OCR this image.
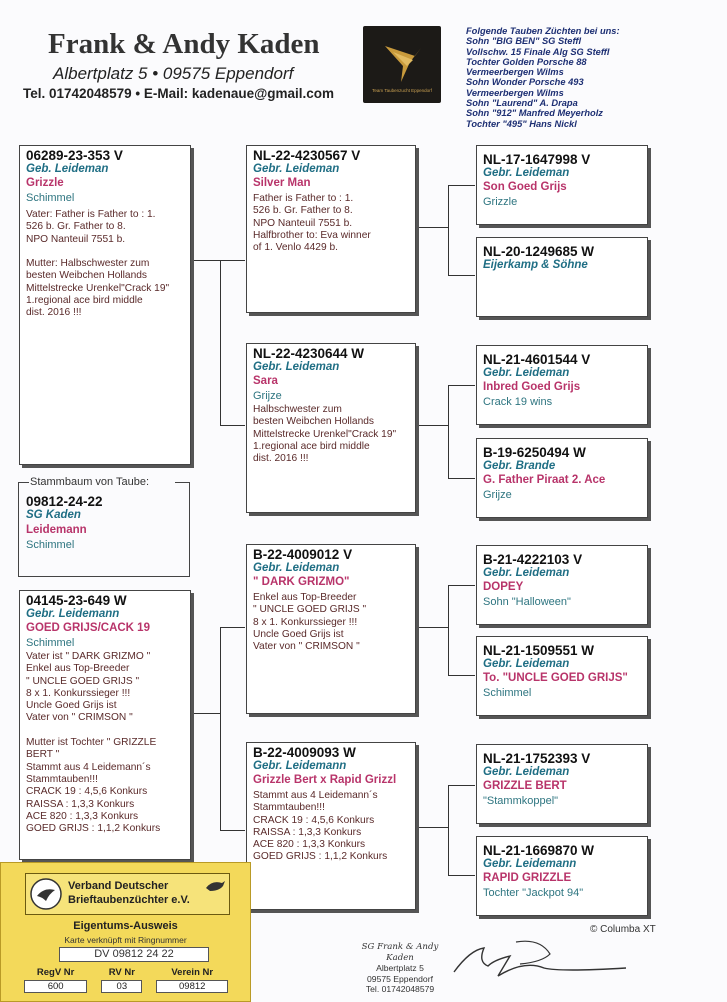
Frank & Andy Kaden
Albertplatz 5 • 09575 Eppendorf
Tel. 01742048579 • E-Mail: kadenaue@gmail.com	Team Taubenzucht Eppendorf
Folgende Tauben Züchten bei uns:
Sohn "BIG BEN" SG Steffl
Vollschw. 15 Finale Alg SG Steffl
Tochter Golden Porsche 88
Vermeerbergen Wilms
Sohn Wonder Porsche 493
Vermeerbergen Wilms
Sohn "Laurend" A. Drapa
Sohn "912" Manfred Meyerholz
Tochter "495" Hans Nickl
06289-23-353 V
Geb. Leideman
Grizzle
Schimmel
Vater: Father is Father to : 1.
526 b. Gr. Father to 8.
NPO Nanteuil 7551 b.

Mutter: Halbschwester zum
besten Weibchen Hollands
Mittelstrecke Urenkel"Crack 19"
1.regional ace bird middle
dist. 2016 !!!
Stammbaum von Taube:
09812-24-22
SG Kaden
Leidemann
Schimmel
04145-23-649 W
Gebr. Leidemann
GOED GRIJS/CACK 19
Schimmel
Vater ist " DARK GRIZMO "
Enkel aus Top-Breeder
" UNCLE GOED GRIJS "
8 x 1. Konkurssieger !!!
Uncle Goed Grijs ist
Vater von " CRIMSON "

Mutter ist Tochter " GRIZZLE
BERT "
Stammt aus 4 Leidemann´s
Stammtauben!!!
CRACK 19 : 4,5,6 Konkurs
RAISSA : 1,3,3 Konkurs
ACE 820 : 1,3,3 Konkurs
GOED GRIJS : 1,1,2 Konkurs
NL-22-4230567 V
Gebr. Leideman
Silver Man
Father is Father to : 1.
526 b. Gr. Father to 8.
NPO Nanteuil 7551 b.
Halfbrother to: Eva winner
of 1. Venlo 4429 b.
NL-22-4230644 W
Gebr. Leideman
Sara
Grijze
Halbschwester zum
besten Weibchen Hollands
Mittelstrecke Urenkel"Crack 19"
1.regional ace bird middle
dist. 2016 !!!
B-22-4009012 V
Gebr. Leideman
" DARK GRIZMO"
Enkel aus Top-Breeder
" UNCLE GOED GRIJS "
8 x 1. Konkurssieger !!!
Uncle Goed Grijs ist
Vater von " CRIMSON "
B-22-4009093 W
Gebr. Leidemann
Grizzle Bert x Rapid Grizzl
Stammt aus 4 Leidemann´s
Stammtauben!!!
CRACK 19 : 4,5,6 Konkurs
RAISSA : 1,3,3 Konkurs
ACE 820 : 1,3,3 Konkurs
GOED GRIJS : 1,1,2 Konkurs
NL-17-1647998 V
Gebr. Leideman
Son Goed Grijs
Grizzle
NL-20-1249685 W
Eijerkamp & Söhne
NL-21-4601544 V
Gebr. Leideman
Inbred Goed Grijs
Crack 19 wins
B-19-6250494 W
Gebr. Brande
G. Father Piraat 2. Ace
Grijze
B-21-4222103 V
Gebr. Leideman
DOPEY
Sohn "Halloween"
NL-21-1509551 W
Gebr. Leideman
To. "UNCLE GOED GRIJS"
Schimmel
NL-21-1752393 V
Gebr. Leideman
GRIZZLE BERT
"Stammkoppel"
NL-21-1669870 W
Gebr. Leidemann
RAPID GRIZZLE
Tochter "Jackpot 94"
Verband Deutscher
Brieftaubenzüchter e.V.
Eigentums-Ausweis
Karte verknüpft mit Ringnummer
DV 09812 24 22
RegV Nr	RV Nr	Verein Nr

600	03	09812
SG Frank & Andy Kaden
Albertplatz 5
09575 Eppendorf
Tel. 01742048579
© Columba XT
